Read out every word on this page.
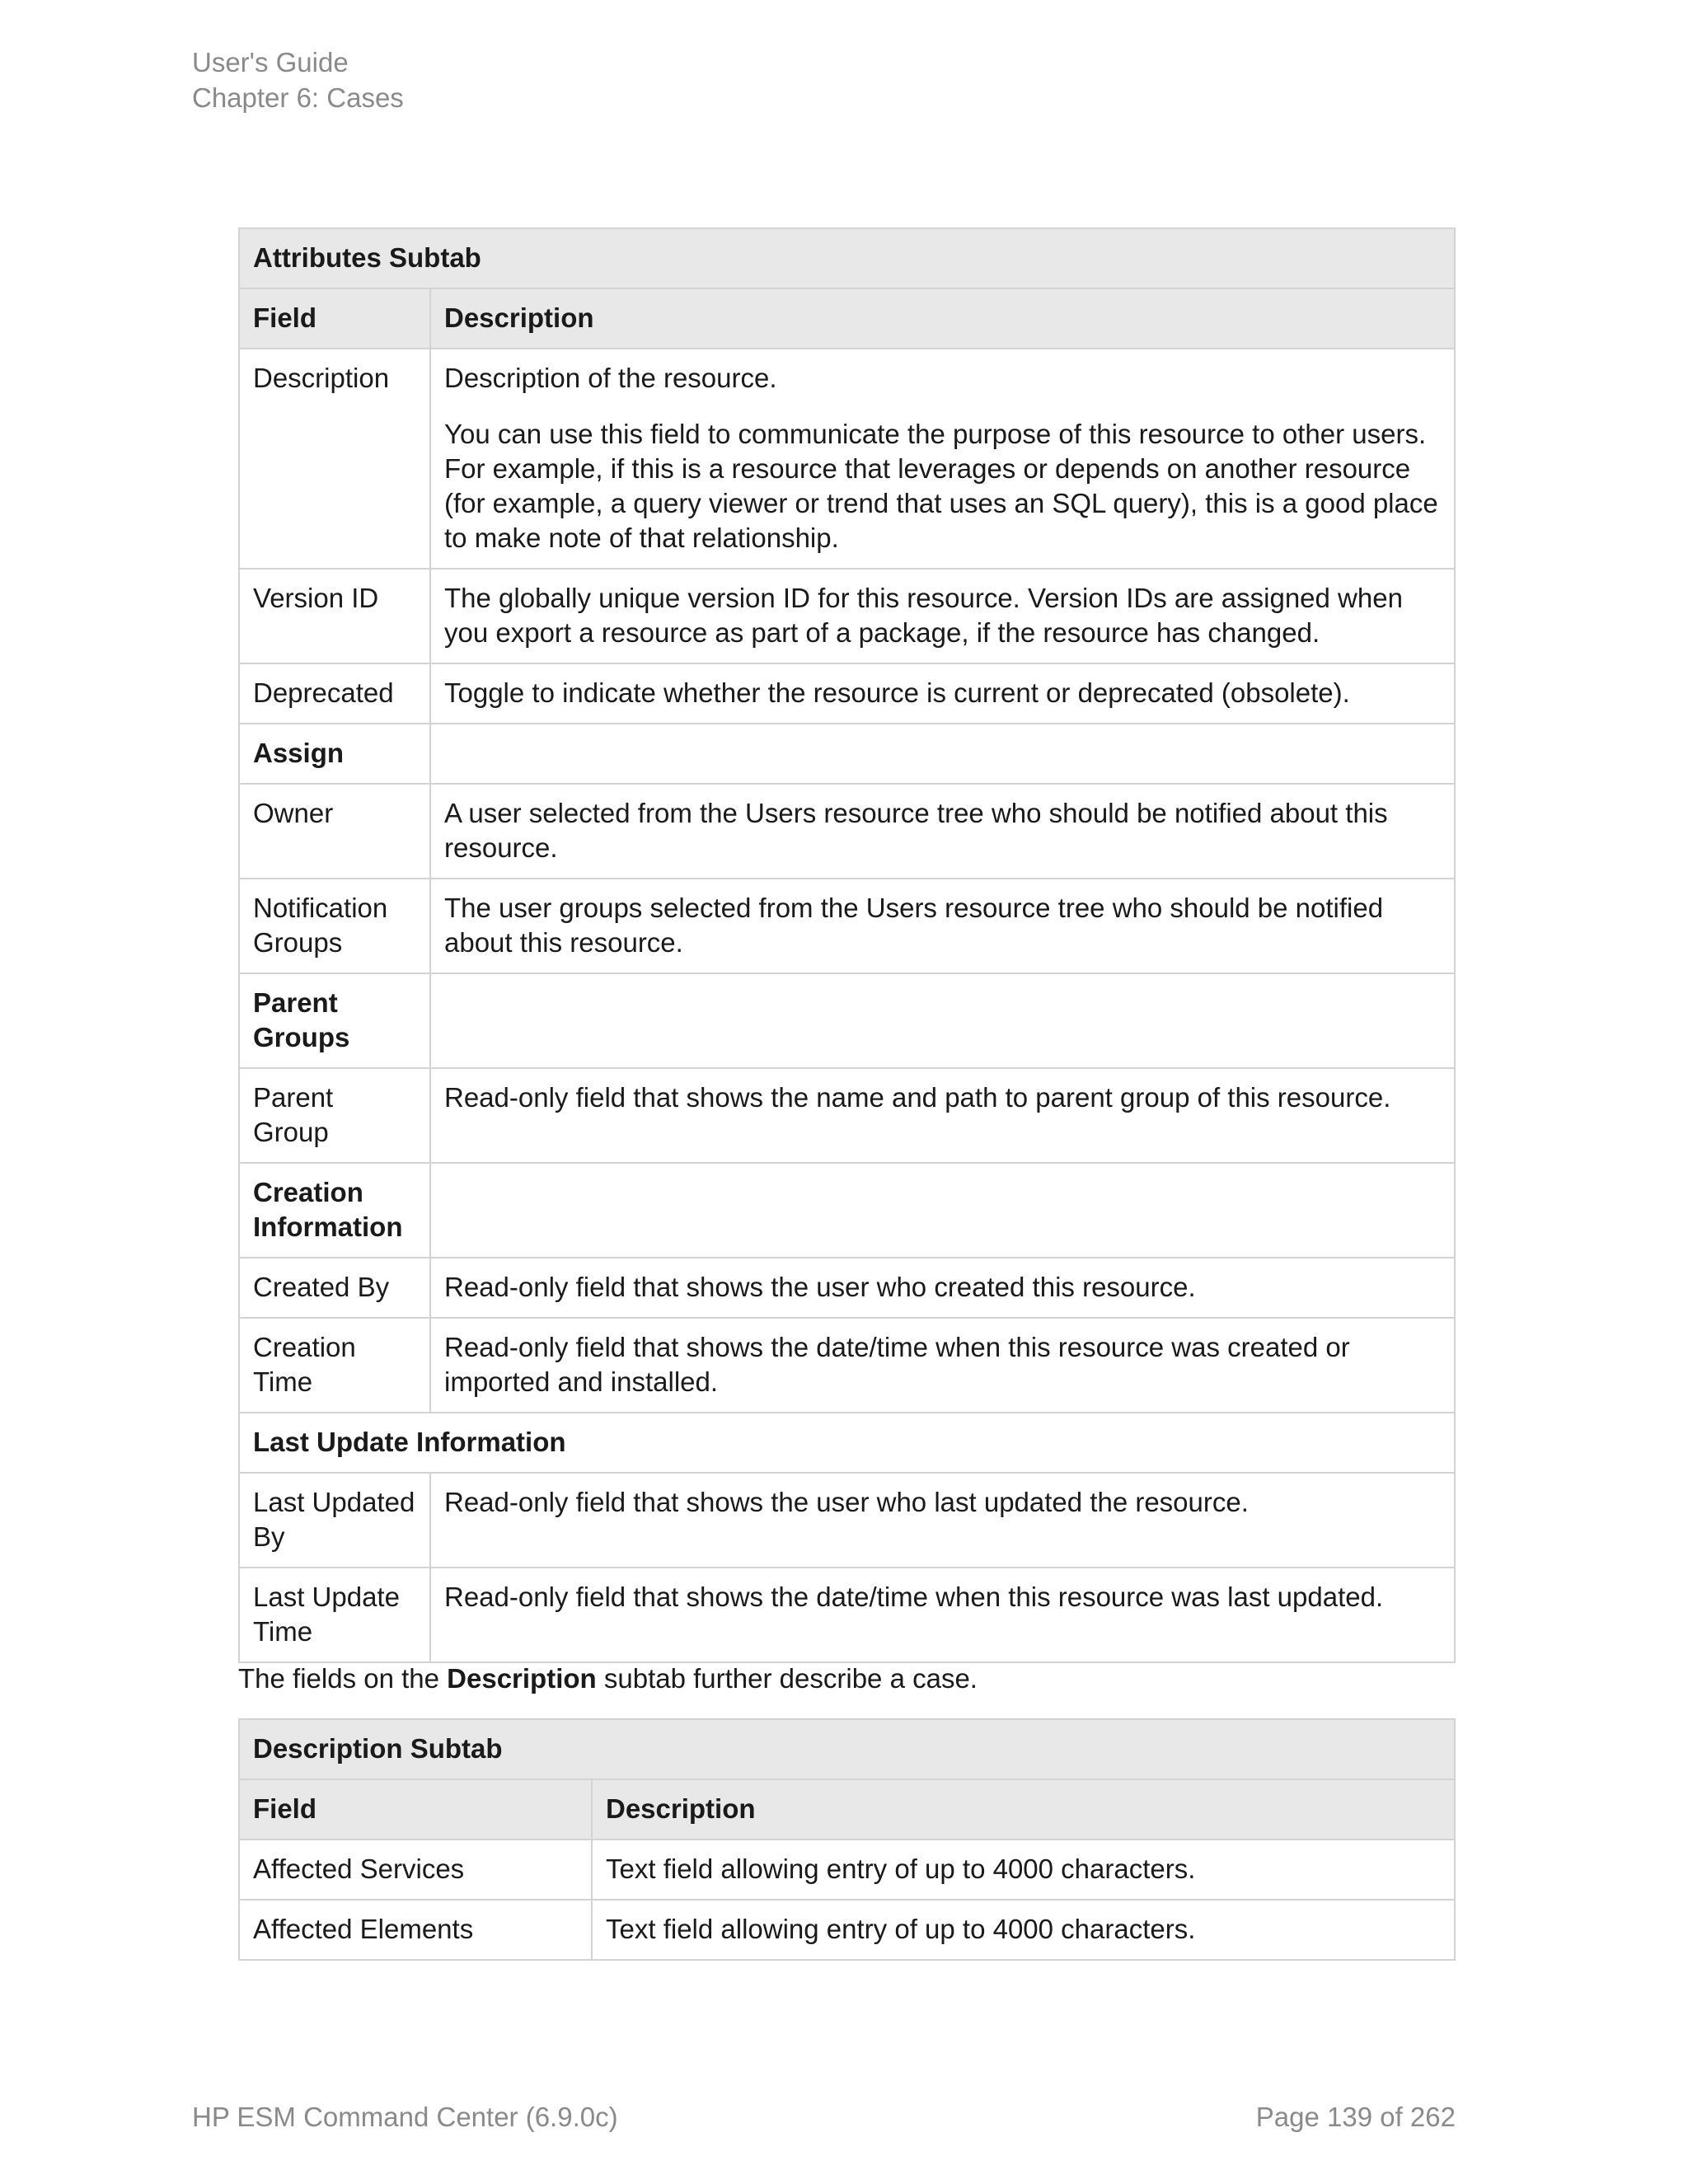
User's Guide
Chapter 6: Cases
Attributes Subtab	
Field	Description
Description	Description of the resource.

You can use this field to communicate the purpose of this resource to other users. For example, if this is a resource that leverages or depends on another resource (for example, a query viewer or trend that uses an SQL query), this is a good place to make note of that relationship.

Version ID	The globally unique version ID for this resource. Version IDs are assigned when you export a resource as part of a package, if the resource has changed.
Deprecated	Toggle to indicate whether the resource is current or deprecated (obsolete).
Assign	
Owner	A user selected from the Users resource tree who should be notified about this resource.
Notification Groups	The user groups selected from the Users resource tree who should be notified about this resource.
Parent Groups	
Parent Group	Read-only field that shows the name and path to parent group of this resource.
Creation Information	
Created By	Read-only field that shows the user who created this resource.
Creation Time	Read-only field that shows the date/time when this resource was created or imported and installed.
Last Update Information	
Last Updated By	Read-only field that shows the user who last updated the resource.
Last Update Time	Read-only field that shows the date/time when this resource was last updated.
The fields on the Description subtab further describe a case.
Description Subtab	
Field	Description
Affected Services	Text field allowing entry of up to 4000 characters.
Affected Elements	Text field allowing entry of up to 4000 characters.
HP ESM Command Center (6.9.0c)	Page 139 of 262
